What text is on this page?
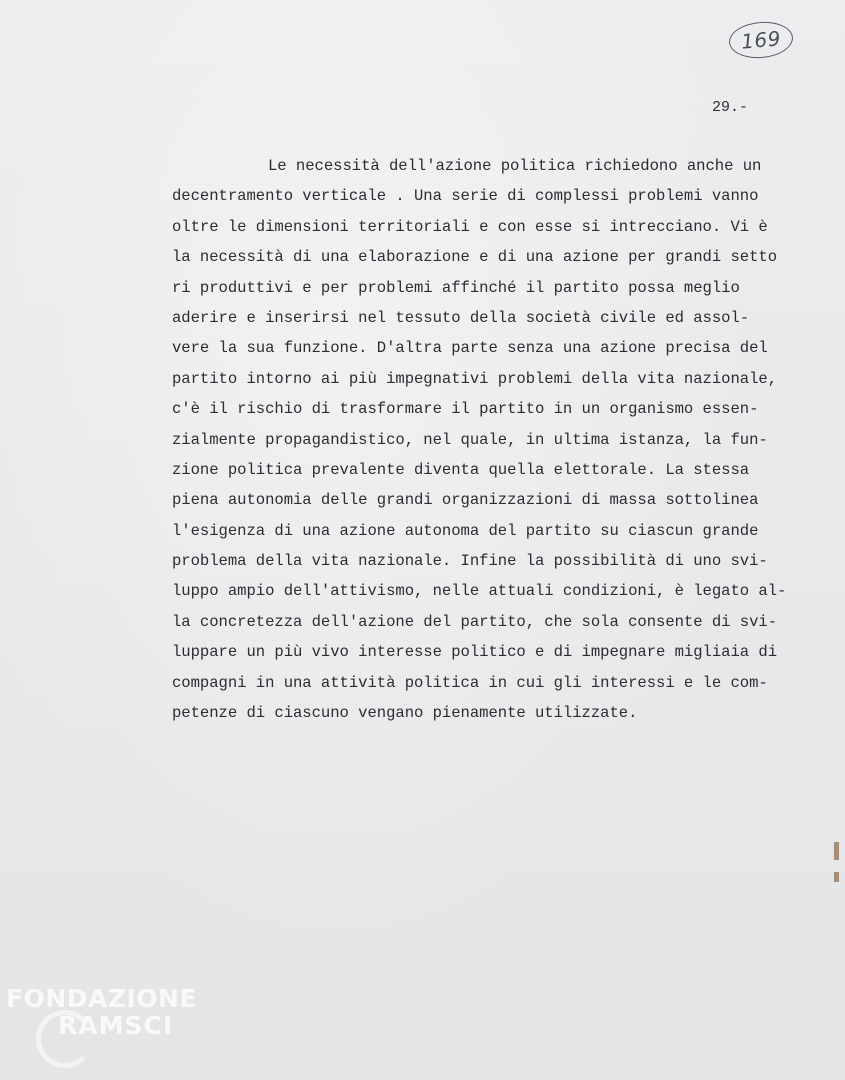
169
29.-
Le necessità dell'azione politica richiedono anche un
decentramento verticale . Una serie di complessi problemi vanno
oltre le dimensioni territoriali e con esse si intrecciano. Vi è
la necessità di una elaborazione e di una azione per grandi setto
ri produttivi e per problemi affinché il partito possa meglio
aderire e inserirsi nel tessuto della società civile ed assol-
vere la sua funzione. D'altra parte senza una azione precisa del
partito intorno ai più impegnativi problemi della vita nazionale,
c'è il rischio di trasformare il partito in un organismo essen-
zialmente propagandistico, nel quale, in ultima istanza, la fun-
zione politica prevalente diventa quella elettorale. La stessa
piena autonomia delle grandi organizzazioni di massa sottolinea
l'esigenza di una azione autonoma del partito su ciascun grande
problema della vita nazionale. Infine la possibilità di uno svi-
luppo ampio dell'attivismo, nelle attuali condizioni, è legato al-
la concretezza dell'azione del partito, che sola consente di svi-
luppare un più vivo interesse politico e di impegnare migliaia di
compagni in una attività politica in cui gli interessi e le com-
petenze di ciascuno vengano pienamente utilizzate.
FONDAZIONE
RAMSCI
